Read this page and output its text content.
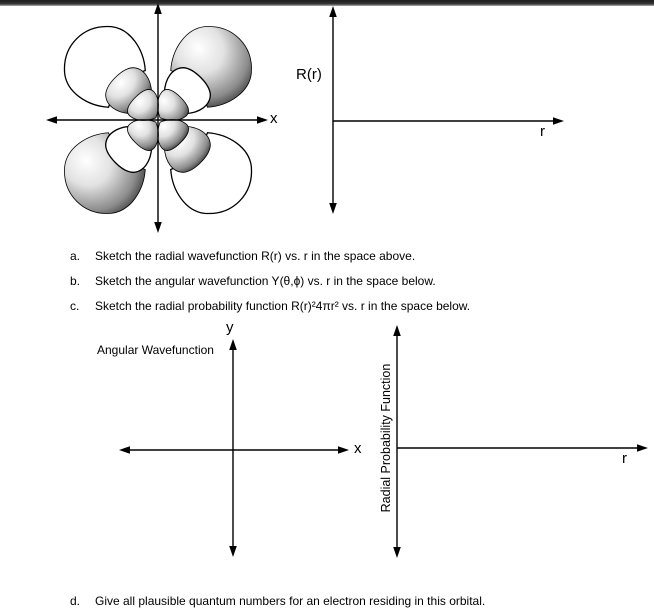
x
R(r)
r
a.	Sketch the radial wavefunction R(r) vs. r in the space above.
b.	Sketch the angular wavefunction Y(θ,ϕ) vs. r in the space below.
c.	Sketch the radial probability function R(r)²4πr² vs. r in the space below.
y
x
Angular Wavefunction
Radial Probability Function	r
d.	Give all plausible quantum numbers for an electron residing in this orbital.
